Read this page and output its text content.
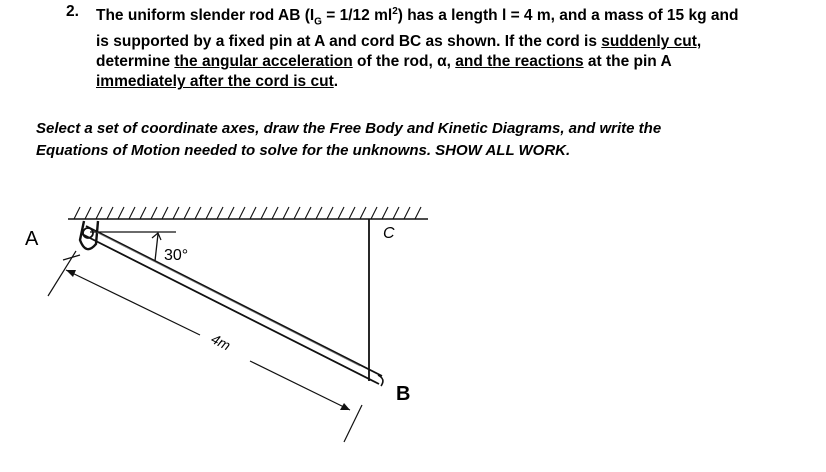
2. The uniform slender rod AB ($I_G = 1/12$ $ml^2$) has a length l = 4 m, and a mass of 15 kg and
is supported by a fixed pin at A and cord BC as shown. If the cord is suddenly cut,
determine the angular acceleration of the rod, α, and the reactions at the pin A
immediately after the cord is cut.
Select a set of coordinate axes, draw the Free Body and Kinetic Diagrams, and write the
Equations of Motion needed to solve for the unknowns. SHOW ALL WORK.
A
B
C
30°
4m
